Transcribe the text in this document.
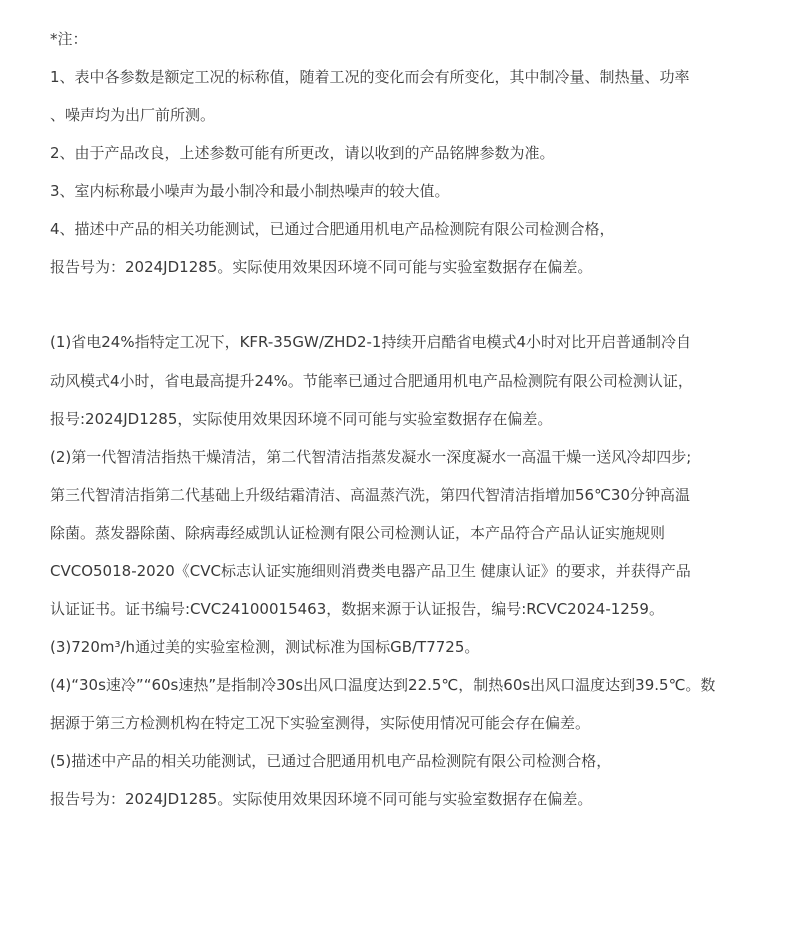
*注：
1、表中各参数是额定工况的标称值，随着工况的变化而会有所变化，其中制冷量、制热量、功率
、噪声均为出厂前所测。
2、由于产品改良，上述参数可能有所更改，请以收到的产品铭牌参数为准。
3、室内标称最小噪声为最小制冷和最小制热噪声的较大值。
4、描述中产品的相关功能测试，已通过合肥通用机电产品检测院有限公司检测合格，
报告号为：2024JD1285。实际使用效果因环境不同可能与实验室数据存在偏差。
(1)省电24%指特定工况下，KFR-35GW/ZHD2-1持续开启酷省电模式4小时对比开启普通制冷自
动风模式4小时，省电最高提升24%。节能率已通过合肥通用机电产品检测院有限公司检测认证，
报号:2024JD1285，实际使用效果因环境不同可能与实验室数据存在偏差。
(2)第一代智清洁指热干燥清洁，第二代智清洁指蒸发凝水一深度凝水一高温干燥一送风冷却四步;
第三代智清洁指第二代基础上升级结霜清洁、高温蒸汽洗，第四代智清洁指增加56℃30分钟高温
除菌。蒸发器除菌、除病毒经威凯认证检测有限公司检测认证，本产品符合产品认证实施规则
CVCO5018-2020《CVC标志认证实施细则消费类电器产品卫生 健康认证》的要求，并获得产品
认证证书。证书编号:CVC24100015463，数据来源于认证报告，编号:RCVC2024-1259。
(3)720m³/h通过美的实验室检测，测试标准为国标GB/T7725。
(4)“30s速冷”“60s速热”是指制冷30s出风口温度达到22.5℃，制热60s出风口温度达到39.5℃。数
据源于第三方检测机构在特定工况下实验室测得，实际使用情况可能会存在偏差。
(5)描述中产品的相关功能测试，已通过合肥通用机电产品检测院有限公司检测合格，
报告号为：2024JD1285。实际使用效果因环境不同可能与实验室数据存在偏差。
